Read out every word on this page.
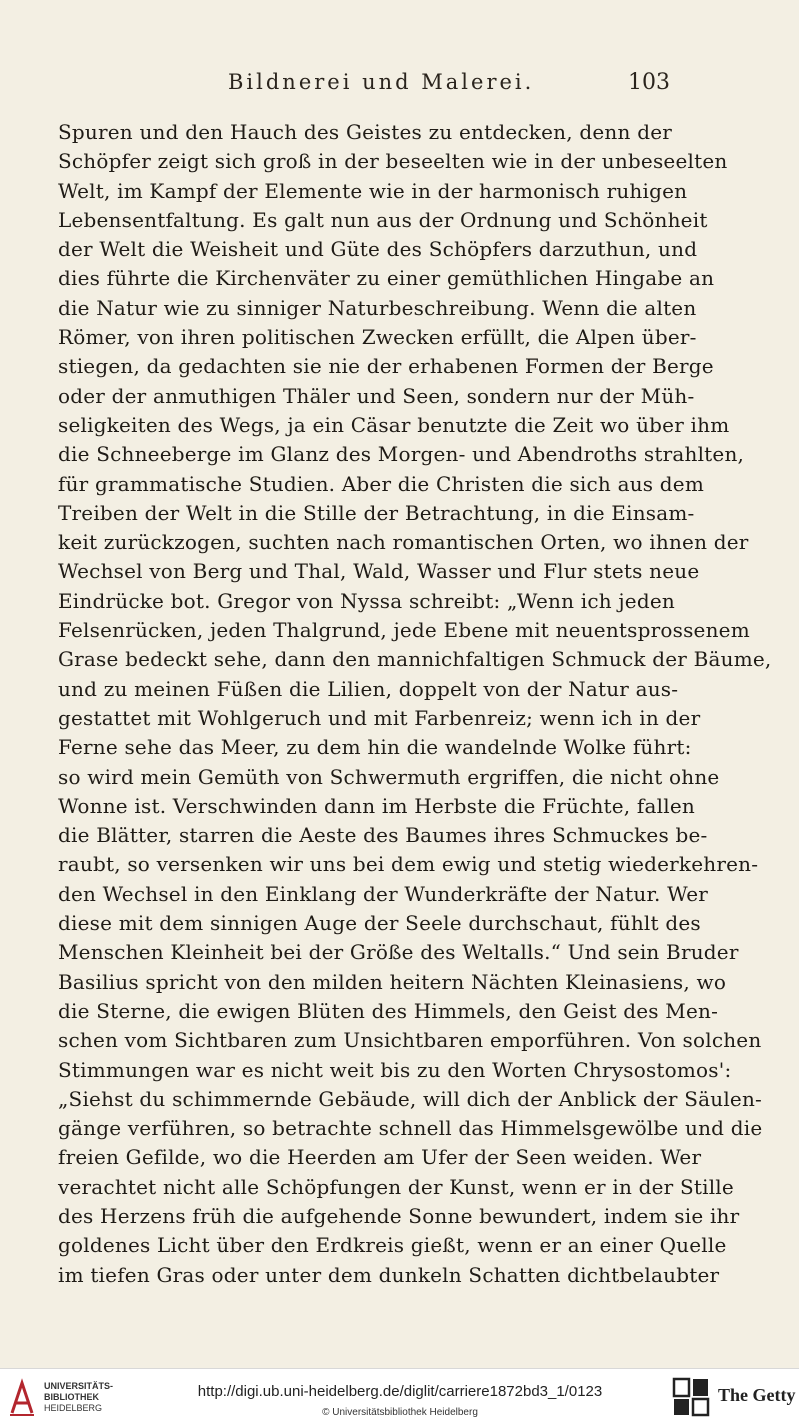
Bildnerei und Malerei.	103
Spuren und den Hauch des Geistes zu entdecken, denn der
Schöpfer zeigt sich groß in der beseelten wie in der unbeseelten
Welt, im Kampf der Elemente wie in der harmonisch ruhigen
Lebensentfaltung. Es galt nun aus der Ordnung und Schönheit
der Welt die Weisheit und Güte des Schöpfers darzuthun, und
dies führte die Kirchenväter zu einer gemüthlichen Hingabe an
die Natur wie zu sinniger Naturbeschreibung. Wenn die alten
Römer, von ihren politischen Zwecken erfüllt, die Alpen über-
stiegen, da gedachten sie nie der erhabenen Formen der Berge
oder der anmuthigen Thäler und Seen, sondern nur der Müh-
seligkeiten des Wegs, ja ein Cäsar benutzte die Zeit wo über ihm
die Schneeberge im Glanz des Morgen- und Abendroths strahlten,
für grammatische Studien. Aber die Christen die sich aus dem
Treiben der Welt in die Stille der Betrachtung, in die Einsam-
keit zurückzogen, suchten nach romantischen Orten, wo ihnen der
Wechsel von Berg und Thal, Wald, Wasser und Flur stets neue
Eindrücke bot. Gregor von Nyssa schreibt: „Wenn ich jeden
Felsenrücken, jeden Thalgrund, jede Ebene mit neuentsprossenem
Grase bedeckt sehe, dann den mannichfaltigen Schmuck der Bäume,
und zu meinen Füßen die Lilien, doppelt von der Natur aus-
gestattet mit Wohlgeruch und mit Farbenreiz; wenn ich in der
Ferne sehe das Meer, zu dem hin die wandelnde Wolke führt:
so wird mein Gemüth von Schwermuth ergriffen, die nicht ohne
Wonne ist. Verschwinden dann im Herbste die Früchte, fallen
die Blätter, starren die Aeste des Baumes ihres Schmuckes be-
raubt, so versenken wir uns bei dem ewig und stetig wiederkehren-
den Wechsel in den Einklang der Wunderkräfte der Natur. Wer
diese mit dem sinnigen Auge der Seele durchschaut, fühlt des
Menschen Kleinheit bei der Größe des Weltalls.“ Und sein Bruder
Basilius spricht von den milden heitern Nächten Kleinasiens, wo
die Sterne, die ewigen Blüten des Himmels, den Geist des Men-
schen vom Sichtbaren zum Unsichtbaren emporführen. Von solchen
Stimmungen war es nicht weit bis zu den Worten Chrysostomos':
„Siehst du schimmernde Gebäude, will dich der Anblick der Säulen-
gänge verführen, so betrachte schnell das Himmelsgewölbe und die
freien Gefilde, wo die Heerden am Ufer der Seen weiden. Wer
verachtet nicht alle Schöpfungen der Kunst, wenn er in der Stille
des Herzens früh die aufgehende Sonne bewundert, indem sie ihr
goldenes Licht über den Erdkreis gießt, wenn er an einer Quelle
im tiefen Gras oder unter dem dunkeln Schatten dichtbelaubter
UNIVERSITÄTS-
BIBLIOTHEK
HEIDELBERG
http://digi.ub.uni-heidelberg.de/diglit/carriere1872bd3_1/0123
© Universitätsbibliothek Heidelberg
The Getty
